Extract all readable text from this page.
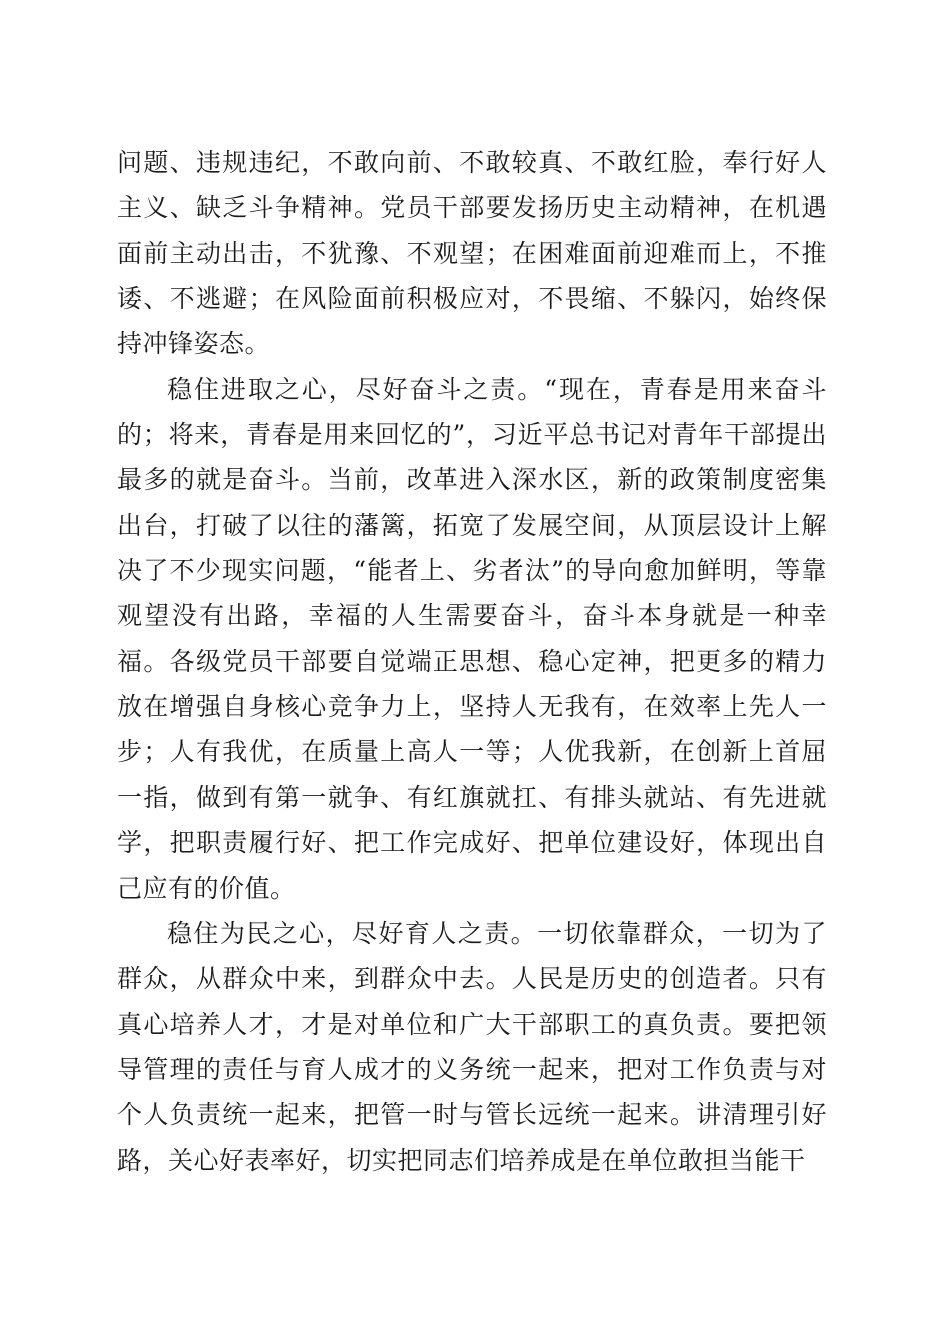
问题、违规违纪，不敢向前、不敢较真、不敢红脸，奉行好人主义、缺乏斗争精神。党员干部要发扬历史主动精神，在机遇面前主动出击，不犹豫、不观望；在困难面前迎难而上，不推诿、不逃避；在风险面前积极应对，不畏缩、不躲闪，始终保持冲锋姿态。

稳住进取之心，尽好奋斗之责。“现在，青春是用来奋斗的；将来，青春是用来回忆的”，习近平总书记对青年干部提出最多的就是奋斗。当前，改革进入深水区，新的政策制度密集出台，打破了以往的藩篱，拓宽了发展空间，从顶层设计上解决了不少现实问题，“能者上、劣者汰”的导向愈加鲜明，等靠观望没有出路，幸福的人生需要奋斗，奋斗本身就是一种幸福。各级党员干部要自觉端正思想、稳心定神，把更多的精力放在增强自身核心竞争力上，坚持人无我有，在效率上先人一步；人有我优，在质量上高人一等；人优我新，在创新上首屈一指，做到有第一就争、有红旗就扛、有排头就站、有先进就学，把职责履行好、把工作完成好、把单位建设好，体现出自己应有的价值。

稳住为民之心，尽好育人之责。一切依靠群众，一切为了群众，从群众中来，到群众中去。人民是历史的创造者。只有真心培养人才，才是对单位和广大干部职工的真负责。要把领导管理的责任与育人成才的义务统一起来，把对工作负责与对个人负责统一起来，把管一时与管长远统一起来。讲清理引好路，关心好表率好，切实把同志们培养成是在单位敢担当能干
